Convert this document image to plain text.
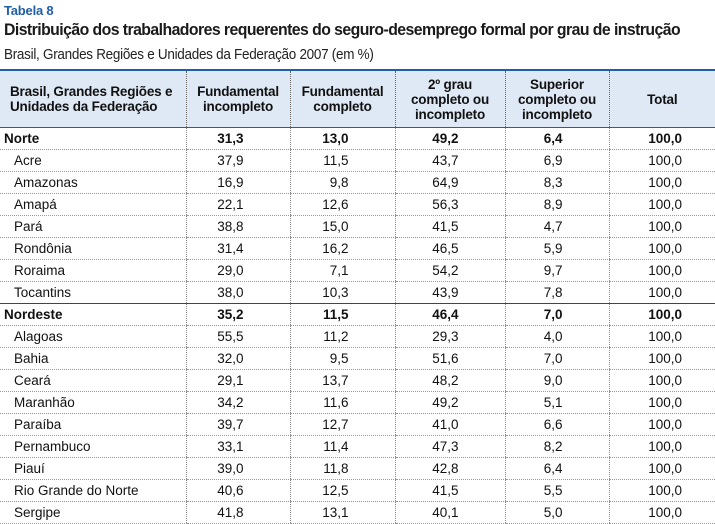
Tabela 8
Distribuição dos trabalhadores requerentes do seguro-desemprego formal por grau de instrução
Brasil, Grandes Regiões e Unidades da Federação 2007 (em %)
Brasil, Grandes Regiões e Unidades da Federação	Fundamental incompleto	Fundamental completo	2º grau completo ou incompleto	Superior completo ou incompleto	Total
Norte	31,3	13,0	49,2	6,4	100,0
Acre	37,9	11,5	43,7	6,9	100,0
Amazonas	16,9	9,8	64,9	8,3	100,0
Amapá	22,1	12,6	56,3	8,9	100,0
Pará	38,8	15,0	41,5	4,7	100,0
Rondônia	31,4	16,2	46,5	5,9	100,0
Roraima	29,0	7,1	54,2	9,7	100,0
Tocantins	38,0	10,3	43,9	7,8	100,0
Nordeste	35,2	11,5	46,4	7,0	100,0
Alagoas	55,5	11,2	29,3	4,0	100,0
Bahia	32,0	9,5	51,6	7,0	100,0
Ceará	29,1	13,7	48,2	9,0	100,0
Maranhão	34,2	11,6	49,2	5,1	100,0
Paraíba	39,7	12,7	41,0	6,6	100,0
Pernambuco	33,1	11,4	47,3	8,2	100,0
Piauí	39,0	11,8	42,8	6,4	100,0
Rio Grande do Norte	40,6	12,5	41,5	5,5	100,0
Sergipe	41,8	13,1	40,1	5,0	100,0
